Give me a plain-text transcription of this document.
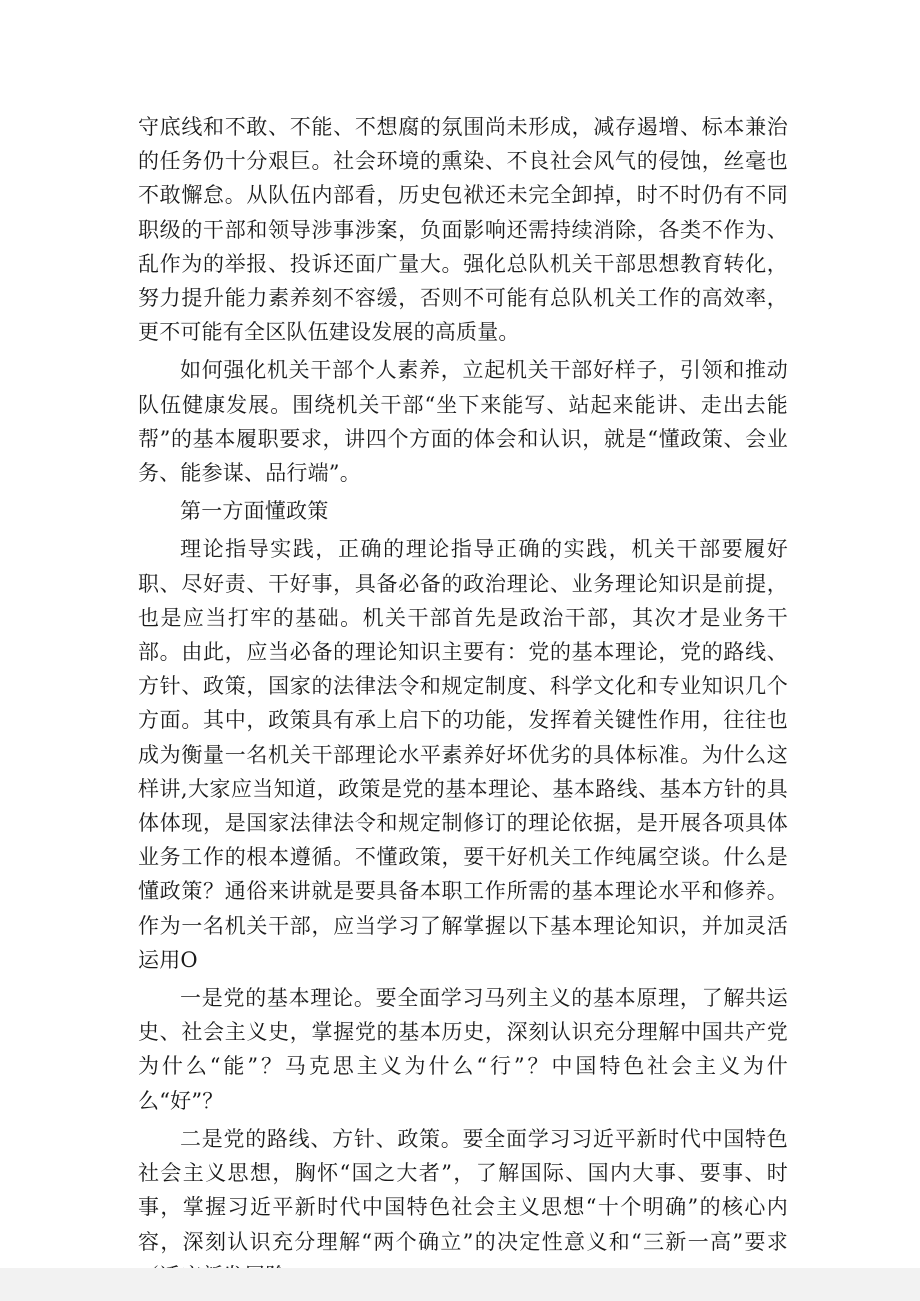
守底线和不敢、不能、不想腐的氛围尚未形成，减存遏增、标本兼治的任务仍十分艰巨。社会环境的熏染、不良社会风气的侵蚀，丝毫也不敢懈怠。从队伍内部看，历史包袱还未完全卸掉，时不时仍有不同职级的干部和领导涉事涉案，负面影响还需持续消除，各类不作为、乱作为的举报、投诉还面广量大。强化总队机关干部思想教育转化，努力提升能力素养刻不容缓，否则不可能有总队机关工作的高效率，更不可能有全区队伍建设发展的高质量。

如何强化机关干部个人素养，立起机关干部好样子，引领和推动队伍健康发展。围绕机关干部“坐下来能写、站起来能讲、走出去能帮”的基本履职要求，讲四个方面的体会和认识，就是“懂政策、会业务、能参谋、品行端”。

第一方面懂政策

理论指导实践，正确的理论指导正确的实践，机关干部要履好职、尽好责、干好事，具备必备的政治理论、业务理论知识是前提，也是应当打牢的基础。机关干部首先是政治干部，其次才是业务干部。由此，应当必备的理论知识主要有：党的基本理论，党的路线、方针、政策，国家的法律法令和规定制度、科学文化和专业知识几个方面。其中，政策具有承上启下的功能，发挥着关键性作用，往往也成为衡量一名机关干部理论水平素养好坏优劣的具体标准。为什么这样讲,大家应当知道，政策是党的基本理论、基本路线、基本方针的具体体现，是国家法律法令和规定制修订的理论依据，是开展各项具体业务工作的根本遵循。不懂政策，要干好机关工作纯属空谈。什么是懂政策？通俗来讲就是要具备本职工作所需的基本理论水平和修养。作为一名机关干部，应当学习了解掌握以下基本理论知识，并加灵活运用O

一是党的基本理论。要全面学习马列主义的基本原理，了解共运史、社会主义史，掌握党的基本历史，深刻认识充分理解中国共产党为什么“能”？马克思主义为什么“行”？中国特色社会主义为什么“好”？

二是党的路线、方针、政策。要全面学习习近平新时代中国特色社会主义思想，胸怀“国之大者”，了解国际、国内大事、要事、时事，掌握习近平新时代中国特色社会主义思想“十个明确”的核心内容，深刻认识充分理解“两个确立”的决定性意义和“三新一高”要求
